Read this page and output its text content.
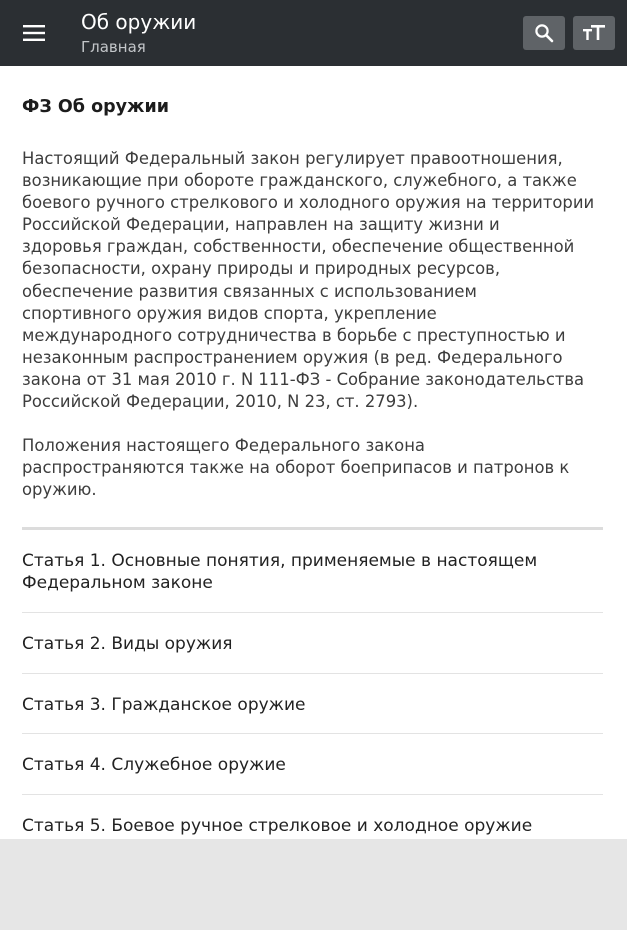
Об оружии
Главная
ФЗ Об оружии
Настоящий Федеральный закон регулирует правоотношения,
возникающие при обороте гражданского, служебного, а также
боевого ручного стрелкового и холодного оружия на территории
Российской Федерации, направлен на защиту жизни и
здоровья граждан, собственности, обеспечение общественной
безопасности, охрану природы и природных ресурсов,
обеспечение развития связанных с использованием
спортивного оружия видов спорта, укрепление
международного сотрудничества в борьбе с преступностью и
незаконным распространением оружия (в ред. Федерального
закона от 31 мая 2010 г. N 111-ФЗ - Собрание законодательства
Российской Федерации, 2010, N 23, ст. 2793).
Положения настоящего Федерального закона
распространяются также на оборот боеприпасов и патронов к
оружию.
Статья 1. Основные понятия, применяемые в настоящем
Федеральном законе
Статья 2. Виды оружия
Статья 3. Гражданское оружие
Статья 4. Служебное оружие
Статья 5. Боевое ручное стрелковое и холодное оружие
